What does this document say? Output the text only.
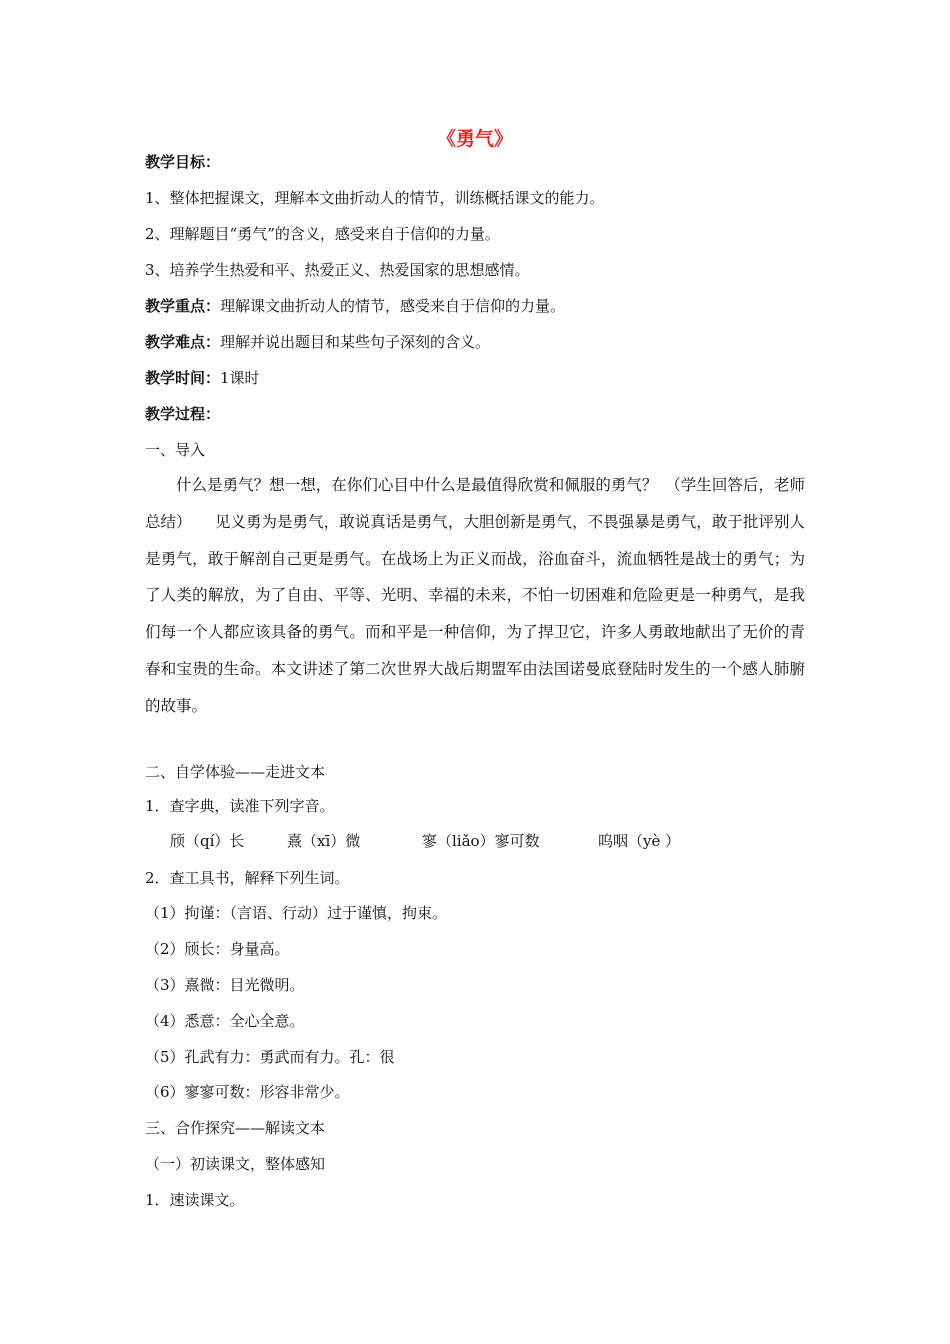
《勇气》
教学目标：
1、整体把握课文，理解本文曲折动人的情节，训练概括课文的能力。
2、理解题目“勇气”的含义，感受来自于信仰的力量。
3、培养学生热爱和平、热爱正义、热爱国家的思想感情。
教学重点：理解课文曲折动人的情节，感受来自于信仰的力量。
教学难点：理解并说出题目和某些句子深刻的含义。
教学时间：1课时
教学过程：
一、导入
什么是勇气？想一想，在你们心目中什么是最值得欣赏和佩服的勇气？　（学生回答后，老师总结）　　见义勇为是勇气，敢说真话是勇气，大胆创新是勇气，不畏强暴是勇气，敢于批评别人是勇气，敢于解剖自己更是勇气。在战场上为正义而战，浴血奋斗，流血牺牲是战士的勇气；为了人类的解放，为了自由、平等、光明、幸福的未来，不怕一切困难和危险更是一种勇气，是我们每一个人都应该具备的勇气。而和平是一种信仰，为了捍卫它，许多人勇敢地献出了无价的青春和宝贵的生命。本文讲述了第二次世界大战后期盟军由法国诺曼底登陆时发生的一个感人肺腑的故事。
二、自学体验——走进文本
1．查字典，读准下列字音。
颀（qí）长	熹（xī）微	寥（liǎo）寥可数	呜咽（yè ）
2．查工具书，解释下列生词。
（1）拘谨：（言语、行动）过于谨慎，拘束。
（2）颀长：身量高。
（3）熹微：目光微明。
（4）悉意：全心全意。
（5）孔武有力：勇武而有力。孔：很
（6）寥寥可数：形容非常少。
三、合作探究——解读文本
（一）初读课文，整体感知
1．速读课文。
